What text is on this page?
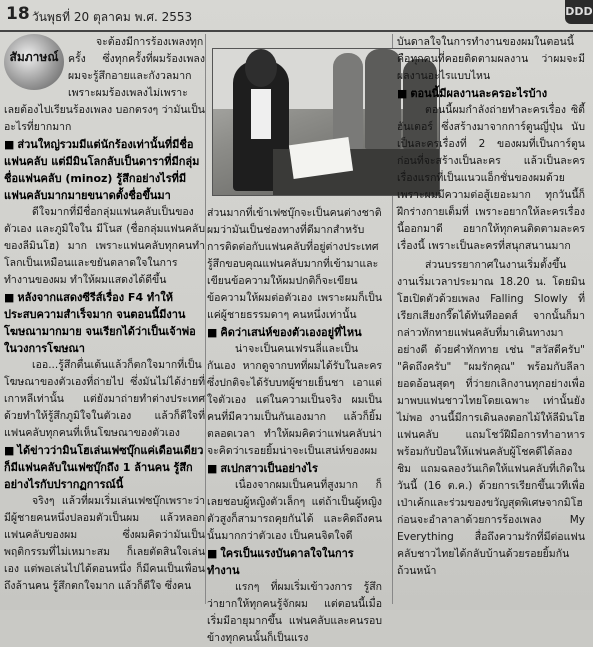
18 วันพุธที่ 20 ตุลาคม พ.ศ. 2553	DDD
สัมภาษณ์

จะต้องมีการร้องเพลงทุกครั้ง ซึ่งทุกครั้งที่ผมร้องเพลง ผมจะรู้สึกอายและกังวลมาก เพราะผมร้องเพลงไม่เพราะ เลยต้องไปเรียนร้องเพลง บอกตรงๆ ว่ามันเป็นอะไรที่ยากมาก

■ ส่วนใหญ่รวมมีแต่นักร้องเท่านั้นที่มีชื่อแฟนคลับ แต่มีมินโลกลับเป็นดาราที่มีกลุ่มชื่อแฟนคลับ (minoz) รู้สึกอย่างไรที่มีแฟนคลับมากมายขนาดตั้งชื่อขึ้นมา

ดีใจมากที่มีชื่อกลุ่มแฟนคลับเป็นของตัวเอง และภูมิใจใน มีโนส (ชื่อกลุ่มแฟนคลับของลีมินโฮ) มาก เพราะแฟนคลับทุกคนทำโลกเป็นเหมือนและขยันตลาดใจในการทำงานของผม ทำให้ผมแสดงได้ดีขึ้น

■ หลังจากแสดงซีรีส์เรื่อง F4 ทำให้ประสบความสำเร็จมาก จนตอนนี้มีงานโฆษณามากมาย จนเรียกได้ว่าเป็นเจ้าพ่อในวงการโฆษณา

เออ...รู้สึกตื่นเต้นแล้วก็ตกใจมากที่เป็นโฆษณาของตัวเองที่ถ่ายไป ซึ่งมันไม่ได้ง่ายที่เกาหลีเท่านั้น แต่ยังมาถ่ายทำต่างประเทศด้วยทำให้รู้สึกภูมิใจในตัวเอง แล้วก็ดีใจที่แฟนคลับทุกคนที่เห็นโฆษณาของตัวเอง

■ ได้ข่าวว่ามินโฮเล่นเฟซบุ๊กแค่เดือนเดียวก็มีแฟนคลับในเฟซบุ๊กถึง 1 ล้านคน รู้สึกอย่างไรกับปรากฏการณ์นี้

จริงๆ แล้วที่ผมเริ่มเล่นเฟซบุ๊กเพราะว่ามีผู้ชายคนหนึ่งปลอมตัวเป็นผม แล้วหลอกแฟนคลับของผม ซึ่งผมคิดว่ามันเป็นพฤติกรรมที่ไม่เหมาะสม ก็เลยตัดสินใจเล่นเอง แต่พอเล่นไปได้ตอนหนึ่ง ก็มีคนเป็นเพื่อนถึงล้านคน รู้สึกตกใจมาก แล้วก็ดีใจ ซึ่งคน

ส่วนมากที่เข้าเฟซบุ๊กจะเป็นคนต่างชาติ ผมว่ามันเป็นช่องทางที่ดีมากสำหรับการติดต่อกับแฟนคลับที่อยู่ต่างประเทศ รู้สึกขอบคุณแฟนคลับมากที่เข้ามาและเขียนข้อความให้ผมปกติก็จะเขียนข้อความให้ผมต่อตัวเอง เพราะผมก็เป็นแค่ผู้ชายธรรมดาๆ คนหนึ่งเท่านั้น

■ คิดว่าเสน่ห์ของตัวเองอยู่ที่ไหน

น่าจะเป็นคนเฟรนลี่และเป็นกันเอง หากดูจากบทที่ผมได้รับในละครซึ่งปกติจะได้รับบทผู้ชายเย็นชา เอาแต่ใจตัวเอง แต่ในความเป็นจริง ผมเป็นคนที่มีความเป็นกันเองมาก แล้วก็ยิ้มตลอดเวลา ทำให้ผมคิดว่าแฟนคลับน่าจะคิดว่าเรอยยิ้มน่าจะเป็นเสน่ห์ของผม

■ สเปกสาวเป็นอย่างไร

เนื่องจากผมเป็นคนที่สูงมาก ก็เลยชอบผู้หญิงตัวเล็กๆ แต่ถ้าเป็นผู้หญิงตัวสูงก็สามารถคุยกันได้ และคิดถึงคนนั้นมากกว่าตัวเอง เป็นคนจิตใจดี

■ ใครเป็นแรงบันดาลใจในการทำงาน

แรกๆ ที่ผมเริ่มเข้าวงการ รู้สึกว่ายากให้ทุกคนรู้จักผม แต่ตอนนี้เมื่อเริ่มมีอายุมากขึ้น แฟนคลับและคนรอบข้างทุกคนนั้นก็เป็นแรง

บันดาลใจในการทำงานของผมในตอนนี้ คือทุกคนที่คอยติดตามผลงาน ว่าผมจะมีผลงานอะไรแบบไหน

■ ตอนนี้มีผลงานละครอะไรบ้าง

ตอนนี้ผมกำลังถ่ายทำละครเรื่อง ซิตี้ ฮันเตอร์ ซึ่งสร้างมาจากการ์ตูนญี่ปุ่น นับเป็นละครเรื่องที่ 2 ของผมที่เป็นการ์ตูนก่อนที่จะสร้างเป็นละคร แล้วเป็นละครเรื่องแรกที่เป็นแนวแอ็กชั่นของผมด้วย เพราะผมมีความต่อสู้เยอะมาก ทุกวันนี้ก็ฝึกร่างกายเต็มที่ เพราะอยากให้ละครเรื่องนี้ออกมาดี อยากให้ทุกคนติดตามละครเรื่องนี้ เพราะเป็นละครที่สนุกสนานมาก

ส่วนบรรยากาศในงานเริ่มตั้งขึ้น งานเริ่มเวลาประมาณ 18.20 น. โดยมินโฮเปิดตัวด้วยเพลง Falling Slowly ที่เรียกเสียงกรี๊ดได้ทันทีออดส์ จากนั้นก็มากล่าวทักทายแฟนคลับที่มาเดินทางมาอย่างดี ด้วยคำทักทาย เช่น "สวัสดีครับ" "คิดถึงครับ" "ผมรักคุณ" พร้อมกับลีลายอดอ้อนสุดๆ ที่ว่ายกเลิกงานทุกอย่างเพื่อมาพบแฟนชาวไทยโดยเฉพาะ เท่านั้นยังไม่พอ งานนี้มีการเดินลงตอกไม้ให้ลีมินโฮแฟนคลับ แถมโชว์ฝีมือการทำอาหารพร้อมกับป้อนให้แฟนคลับผู้โชคดีได้ลองชิม แถมฉลองวันเกิดให้แฟนคลับที่เกิดในวันนี้ (16 ต.ค.) ด้วยการเรียกขึ้นเวทีเพื่อเป่าเค้กและร่วมของขวัญสุดพิเศษจากมิโฮ ก่อนจะอำลาลาด้วยการร้องเพลง My Everything สื่อถึงความรักที่มีต่อแฟนคลับชาวไทยได้กลับบ้านด้วยรอยยิ้มกันถ้วนหน้า
